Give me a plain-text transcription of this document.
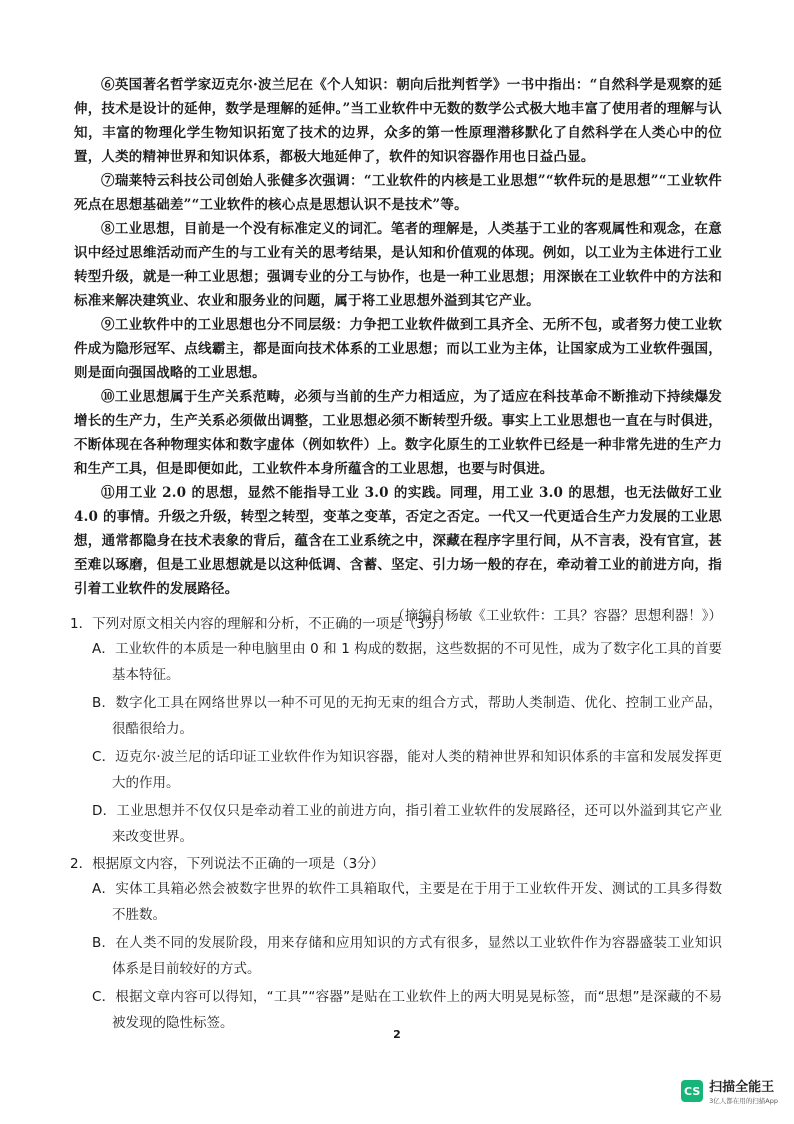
⑥英国著名哲学家迈克尔·波兰尼在《个人知识：朝向后批判哲学》一书中指出：“自然科学是观察的延伸，技术是设计的延伸，数学是理解的延伸。”当工业软件中无数的数学公式极大地丰富了使用者的理解与认知，丰富的物理化学生物知识拓宽了技术的边界，众多的第一性原理潜移默化了自然科学在人类心中的位置，人类的精神世界和知识体系，都极大地延伸了，软件的知识容器作用也日益凸显。

⑦瑞莱特云科技公司创始人张健多次强调：“工业软件的内核是工业思想”“软件玩的是思想”“工业软件死点在思想基础差”“工业软件的核心点是思想认识不是技术”等。

⑧工业思想，目前是一个没有标准定义的词汇。笔者的理解是，人类基于工业的客观属性和观念，在意识中经过思维活动而产生的与工业有关的思考结果，是认知和价值观的体现。例如，以工业为主体进行工业转型升级，就是一种工业思想；强调专业的分工与协作，也是一种工业思想；用深嵌在工业软件中的方法和标准来解决建筑业、农业和服务业的问题，属于将工业思想外溢到其它产业。

⑨工业软件中的工业思想也分不同层级：力争把工业软件做到工具齐全、无所不包，或者努力使工业软件成为隐形冠军、点线霸主，都是面向技术体系的工业思想；而以工业为主体，让国家成为工业软件强国，则是面向强国战略的工业思想。

⑩工业思想属于生产关系范畴，必须与当前的生产力相适应，为了适应在科技革命不断推动下持续爆发增长的生产力，生产关系必须做出调整，工业思想必须不断转型升级。事实上工业思想也一直在与时俱进，不断体现在各种物理实体和数字虚体（例如软件）上。数字化原生的工业软件已经是一种非常先进的生产力和生产工具，但是即便如此，工业软件本身所蕴含的工业思想，也要与时俱进。

⑪用工业 2.0 的思想，显然不能指导工业 3.0 的实践。同理，用工业 3.0 的思想，也无法做好工业 4.0 的事情。升级之升级，转型之转型，变革之变革，否定之否定。一代又一代更适合生产力发展的工业思想，通常都隐身在技术表象的背后，蕴含在工业系统之中，深藏在程序字里行间，从不言表，没有官宣，甚至难以琢磨，但是工业思想就是以这种低调、含蓄、坚定、引力场一般的存在，牵动着工业的前进方向，指引着工业软件的发展路径。

（摘编自杨敏《工业软件：工具？容器？思想利器！》）

1．下列对原文相关内容的理解和分析，不正确的一项是（3分）

A．工业软件的本质是一种电脑里由 0 和 1 构成的数据，这些数据的不可见性，成为了数字化工具的首要基本特征。

B．数字化工具在网络世界以一种不可见的无拘无束的组合方式，帮助人类制造、优化、控制工业产品，很酷很给力。

C．迈克尔·波兰尼的话印证工业软件作为知识容器，能对人类的精神世界和知识体系的丰富和发展发挥更大的作用。

D．工业思想并不仅仅只是牵动着工业的前进方向，指引着工业软件的发展路径，还可以外溢到其它产业来改变世界。

2．根据原文内容，下列说法不正确的一项是（3分）

A．实体工具箱必然会被数字世界的软件工具箱取代，主要是在于用于工业软件开发、测试的工具多得数不胜数。

B．在人类不同的发展阶段，用来存储和应用知识的方式有很多，显然以工业软件作为容器盛装工业知识体系是目前较好的方式。

C．根据文章内容可以得知，“工具”“容器”是贴在工业软件上的两大明晃晃标签，而“思想”是深藏的不易被发现的隐性标签。

2
CS 扫描全能王
3亿人都在用的扫描App
